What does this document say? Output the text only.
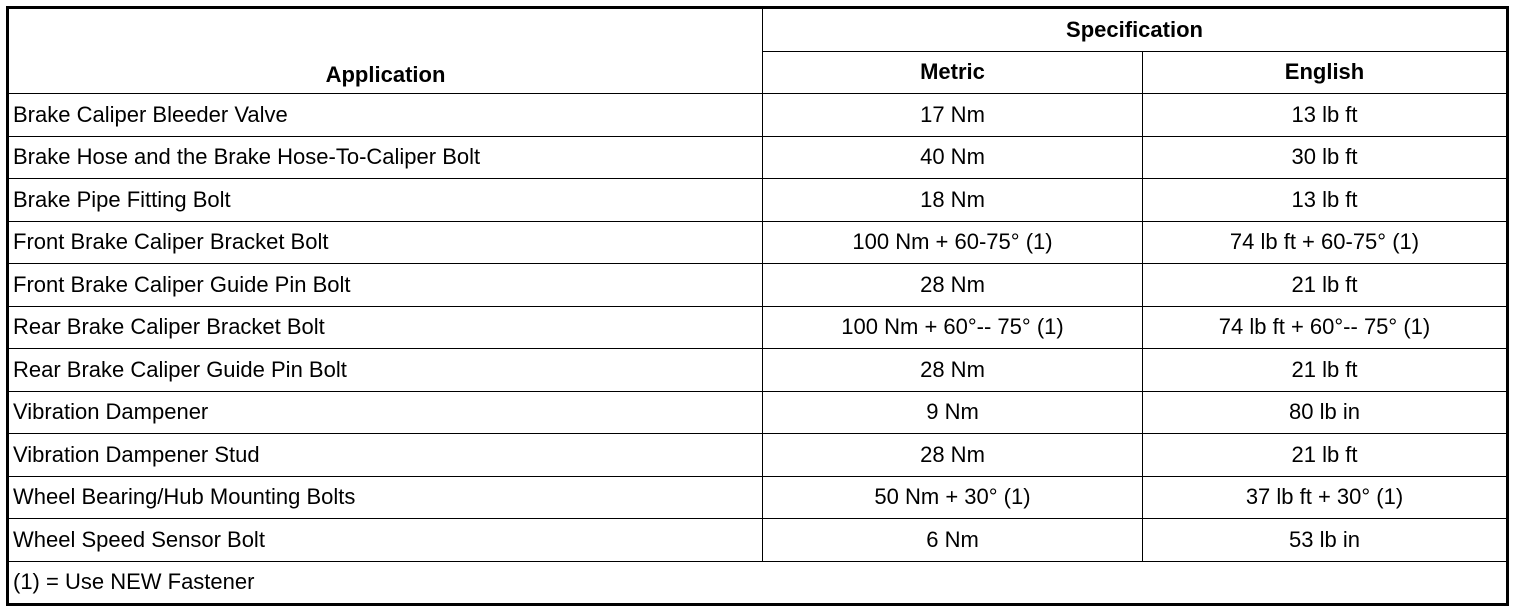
Application	Specification	
	Metric	English
Brake Caliper Bleeder Valve	17 Nm	13 lb ft
Brake Hose and the Brake Hose-To-Caliper Bolt	40 Nm	30 lb ft
Brake Pipe Fitting Bolt	18 Nm	13 lb ft
Front Brake Caliper Bracket Bolt	100 Nm + 60-75° (1)	74 lb ft + 60-75° (1)
Front Brake Caliper Guide Pin Bolt	28 Nm	21 lb ft
Rear Brake Caliper Bracket Bolt	100 Nm + 60°-- 75° (1)	74 lb ft + 60°-- 75° (1)
Rear Brake Caliper Guide Pin Bolt	28 Nm	21 lb ft
Vibration Dampener	9 Nm	80 lb in
Vibration Dampener Stud	28 Nm	21 lb ft
Wheel Bearing/Hub Mounting Bolts	50 Nm + 30° (1)	37 lb ft + 30° (1)
Wheel Speed Sensor Bolt	6 Nm	53 lb in
(1) = Use NEW Fastener		
